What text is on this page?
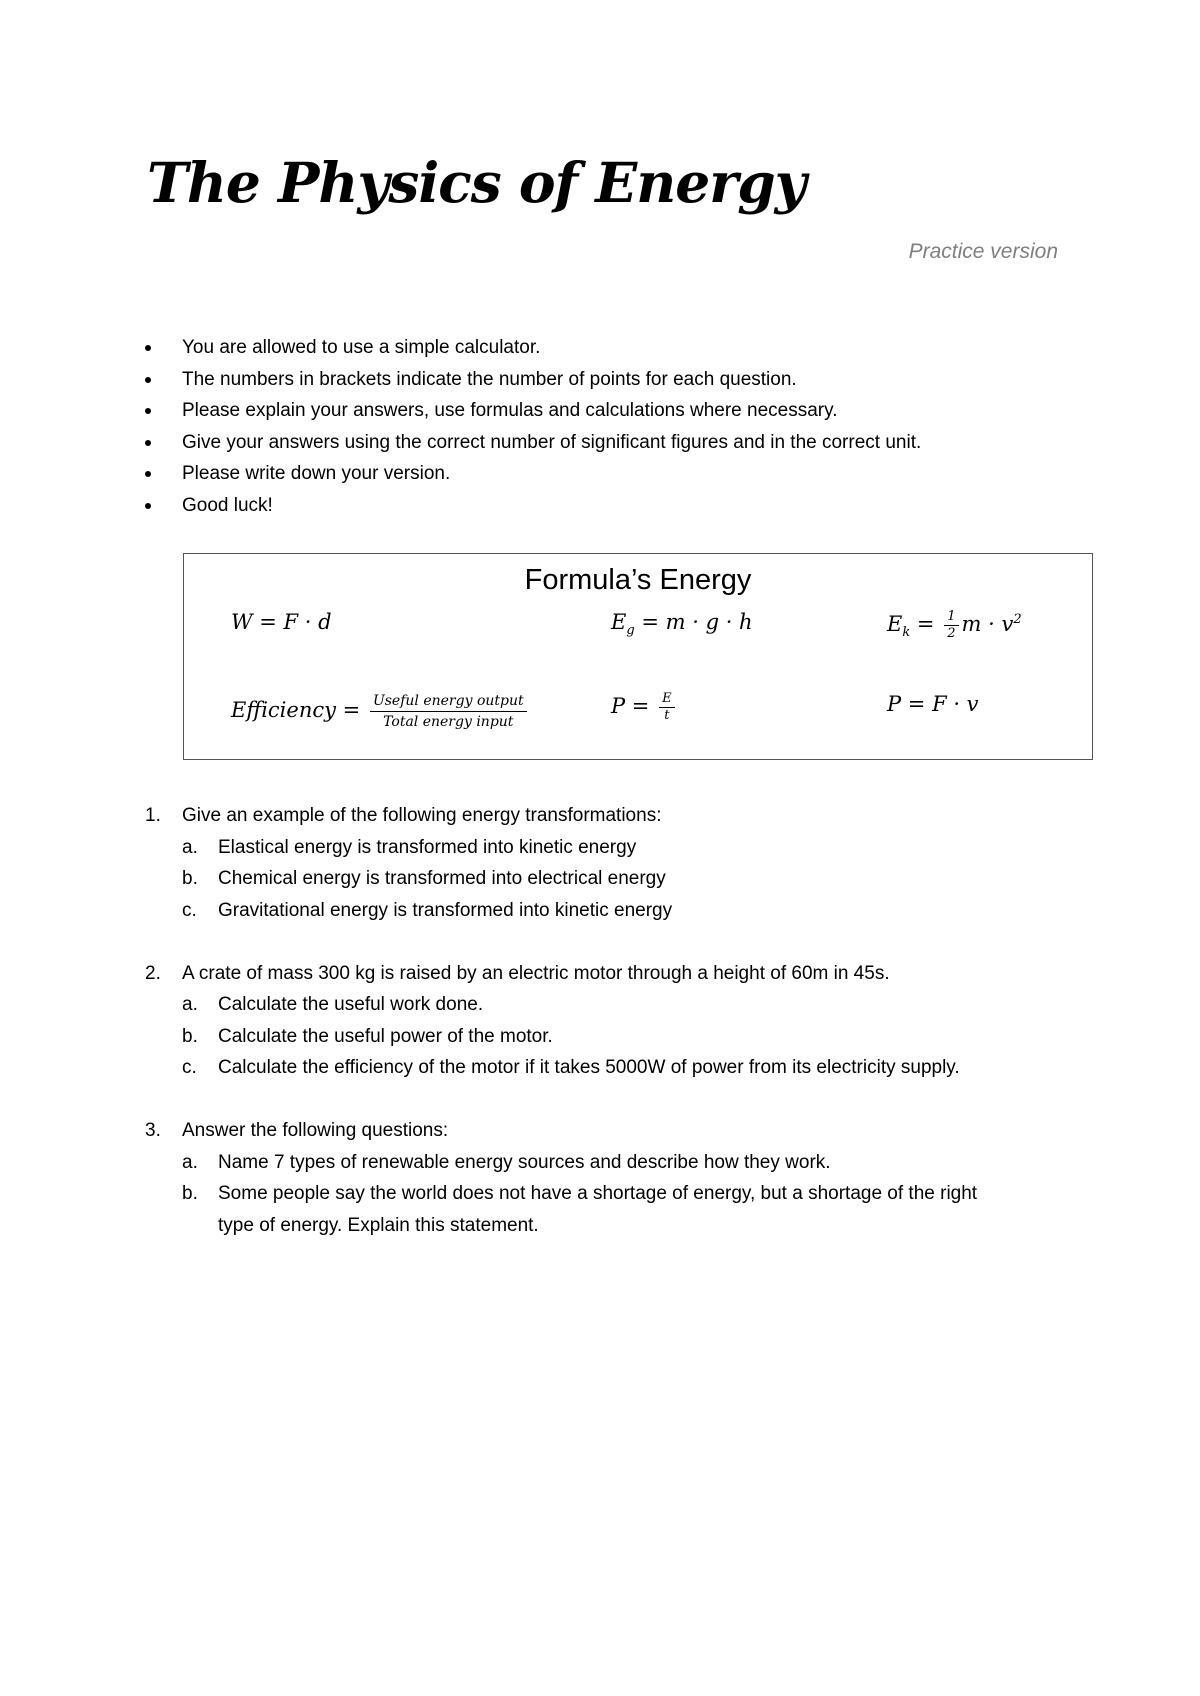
The Physics of Energy
Practice version
You are allowed to use a simple calculator.
The numbers in brackets indicate the number of points for each question.
Please explain your answers, use formulas and calculations where necessary.
Give your answers using the correct number of significant figures and in the correct unit.
Please write down your version.
Good luck!
Formula’s Energy
W = F · d	$E_g = m \cdot g \cdot h$	$E_k = \frac{1}{2}$ $m \cdot v^2$
Efficiency = $\frac{\text{Useful energy output}}{\text{Total energy input}}$	$P = \frac{E}{t}$	P = F · v
1. Give an example of the following energy transformations:
a. Elastical energy is transformed into kinetic energy
b. Chemical energy is transformed into electrical energy
c. Gravitational energy is transformed into kinetic energy
2. A crate of mass 300 kg is raised by an electric motor through a height of 60m in 45s.
a. Calculate the useful work done.
b. Calculate the useful power of the motor.
c. Calculate the efficiency of the motor if it takes 5000W of power from its electricity supply.
3. Answer the following questions:
a. Name 7 types of renewable energy sources and describe how they work.
b. Some people say the world does not have a shortage of energy, but a shortage of the right type of energy. Explain this statement.
